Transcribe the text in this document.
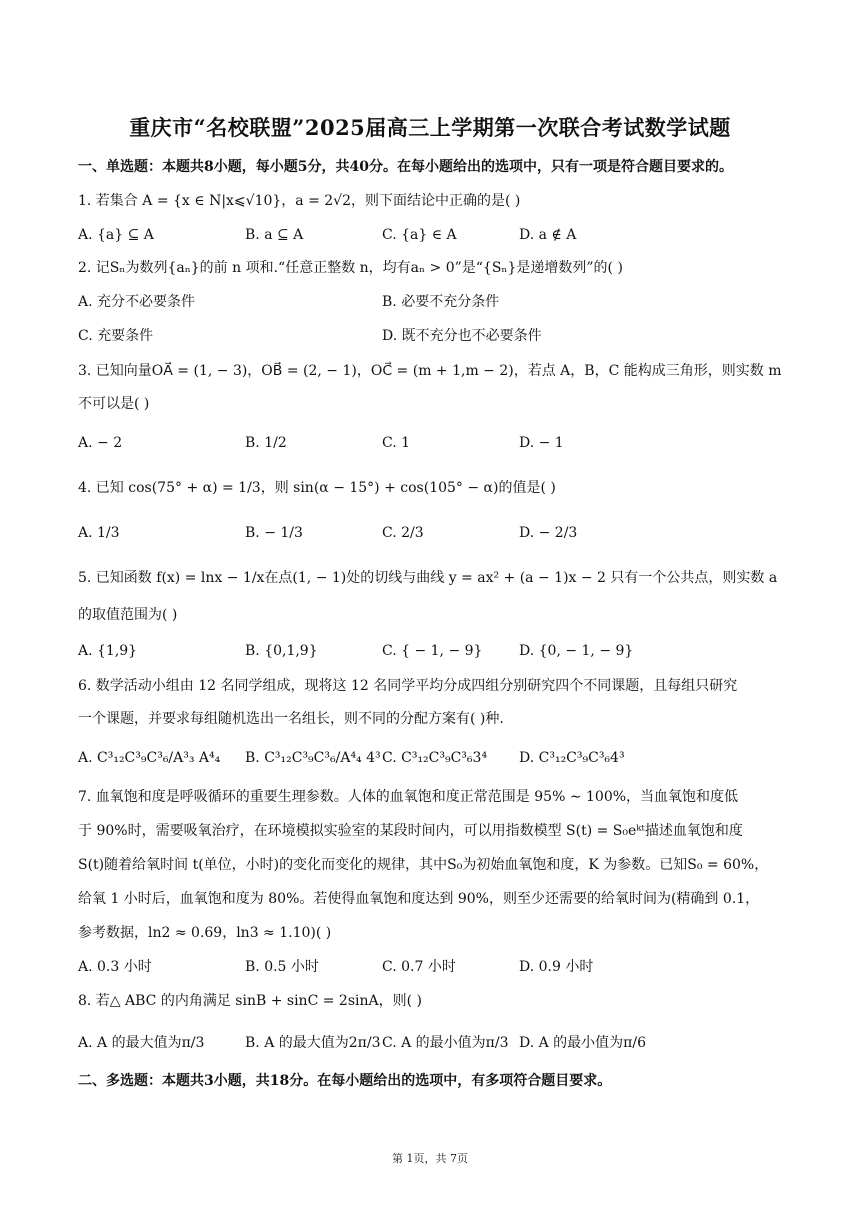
重庆市“名校联盟”2025届高三上学期第一次联合考试数学试题
一、单选题：本题共8小题，每小题5分，共40分。在每小题给出的选项中，只有一项是符合题目要求的。
1. 若集合 A = {x ∈ N|x⩽√10}，a = 2√2，则下面结论中正确的是( )
A. {a} ⊆ A	B. a ⊆ A	C. {a} ∈ A	D. a ∉ A
2. 记Sₙ为数列{aₙ}的前 n 项和.“任意正整数 n，均有aₙ > 0”是“{Sₙ}是递增数列”的( )
A. 充分不必要条件	B. 必要不充分条件
C. 充要条件	D. 既不充分也不必要条件
3. 已知向量OA⃗ = (1, − 3)，OB⃗ = (2, − 1)，OC⃗ = (m + 1,m − 2)，若点 A，B，C 能构成三角形，则实数 m
不可以是( )
A. − 2	B. 1/2	C. 1	D. − 1
4. 已知 cos(75° + α) = 1/3，则 sin(α − 15°) + cos(105° − α)的值是( )
A. 1/3	B. − 1/3	C. 2/3	D. − 2/3
5. 已知函数 f(x) = lnx − 1/x在点(1, − 1)处的切线与曲线 y = ax² + (a − 1)x − 2 只有一个公共点，则实数 a
的取值范围为( )
A. {1,9}	B. {0,1,9}	C. { − 1, − 9}	D. {0, − 1, − 9}
6. 数学活动小组由 12 名同学组成，现将这 12 名同学平均分成四组分别研究四个不同课题，且每组只研究
一个课题，并要求每组随机选出一名组长，则不同的分配方案有( )种.
A. C³₁₂C³₉C³₆/A³₃ A⁴₄ B. C³₁₂C³₉C³₆/A⁴₄ 4³ C. C³₁₂C³₉C³₆3⁴ D. C³₁₂C³₉C³₆4³
7. 血氧饱和度是呼吸循环的重要生理参数。人体的血氧饱和度正常范围是 95% ∼ 100%，当血氧饱和度低
于 90%时，需要吸氧治疗，在环境模拟实验室的某段时间内，可以用指数模型 S(t) = S₀eᵏᵗ描述血氧饱和度
S(t)随着给氧时间 t(单位，小时)的变化而变化的规律，其中S₀为初始血氧饱和度，K 为参数。已知S₀ = 60%，
给氧 1 小时后，血氧饱和度为 80%。若使得血氧饱和度达到 90%，则至少还需要的给氧时间为(精确到 0.1，
参考数据，ln2 ≈ 0.69，ln3 ≈ 1.10)( )
A. 0.3 小时	B. 0.5 小时	C. 0.7 小时	D. 0.9 小时
8. 若△ ABC 的内角满足 sinB + sinC = 2sinA，则( )
A. A 的最大值为π/3	B. A 的最大值为2π/3 C. A 的最小值为π/3 D. A 的最小值为π/6
二、多选题：本题共3小题，共18分。在每小题给出的选项中，有多项符合题目要求。
第 1页，共 7页
